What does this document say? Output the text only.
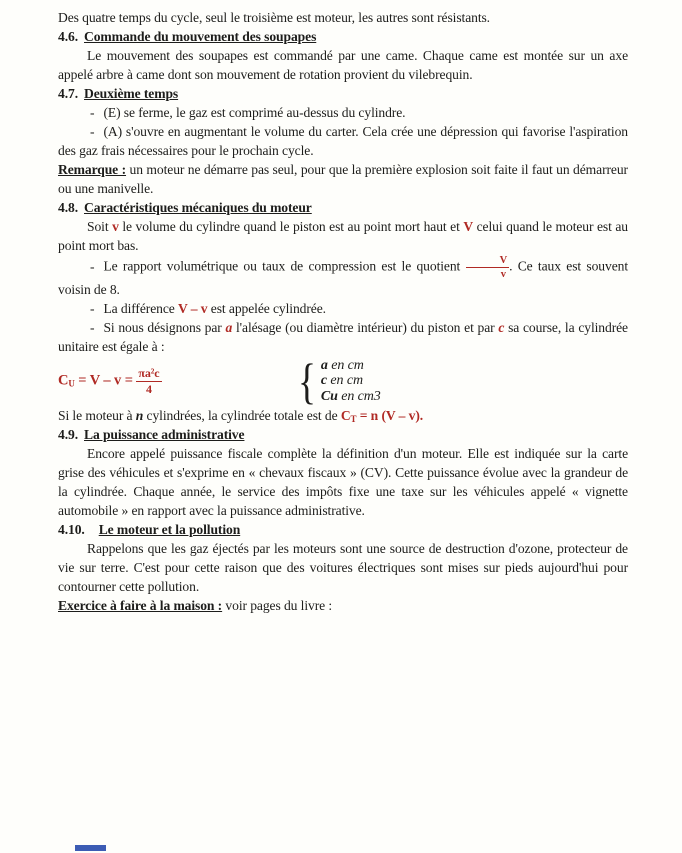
Des quatre temps du cycle, seul le troisième est moteur, les autres sont résistants.

4.6. Commande du mouvement des soupapes

Le mouvement des soupapes est commandé par une came. Chaque came est montée sur un axe appelé arbre à came dont son mouvement de rotation provient du vilebrequin.

4.7. Deuxième temps

- (E) se ferme, le gaz est comprimé au-dessus du cylindre.

- (A) s'ouvre en augmentant le volume du carter. Cela crée une dépression qui favorise l'aspiration des gaz frais nécessaires pour le prochain cycle.

Remarque : un moteur ne démarre pas seul, pour que la première explosion soit faite il faut un démarreur ou une manivelle.

4.8. Caractéristiques mécaniques du moteur

Soit v le volume du cylindre quand le piston est au point mort haut et V celui quand le moteur est au point mort bas.

- Le rapport volumétrique ou taux de compression est le quotient $\frac{V}{v}$ . Ce taux est souvent voisin de 8.

- La différence V – v est appelée cylindrée.

- Si nous désignons par a l'alésage (ou diamètre intérieur) du piston et par c sa course, la cylindrée unitaire est égale à :

$C_U = V - v = \frac{\text{πa²c}}{4}$	{ a en cm
c en cm
Cu en cm3

Si le moteur à n cylindrées, la cylindrée totale est de $C_T = n$ (V – v).

4.9. La puissance administrative

Encore appelé puissance fiscale complète la définition d'un moteur. Elle est indiquée sur la carte grise des véhicules et s'exprime en « chevaux fiscaux » (CV). Cette puissance évolue avec la grandeur de la cylindrée. Chaque année, le service des impôts fixe une taxe sur les véhicules appelé « vignette automobile » en rapport avec la puissance administrative.

4.10. Le moteur et la pollution

Rappelons que les gaz éjectés par les moteurs sont une source de destruction d'ozone, protecteur de vie sur terre. C'est pour cette raison que des voitures électriques sont mises sur pieds aujourd'hui pour contourner cette pollution.

Exercice à faire à la maison : voir pages du livre :
